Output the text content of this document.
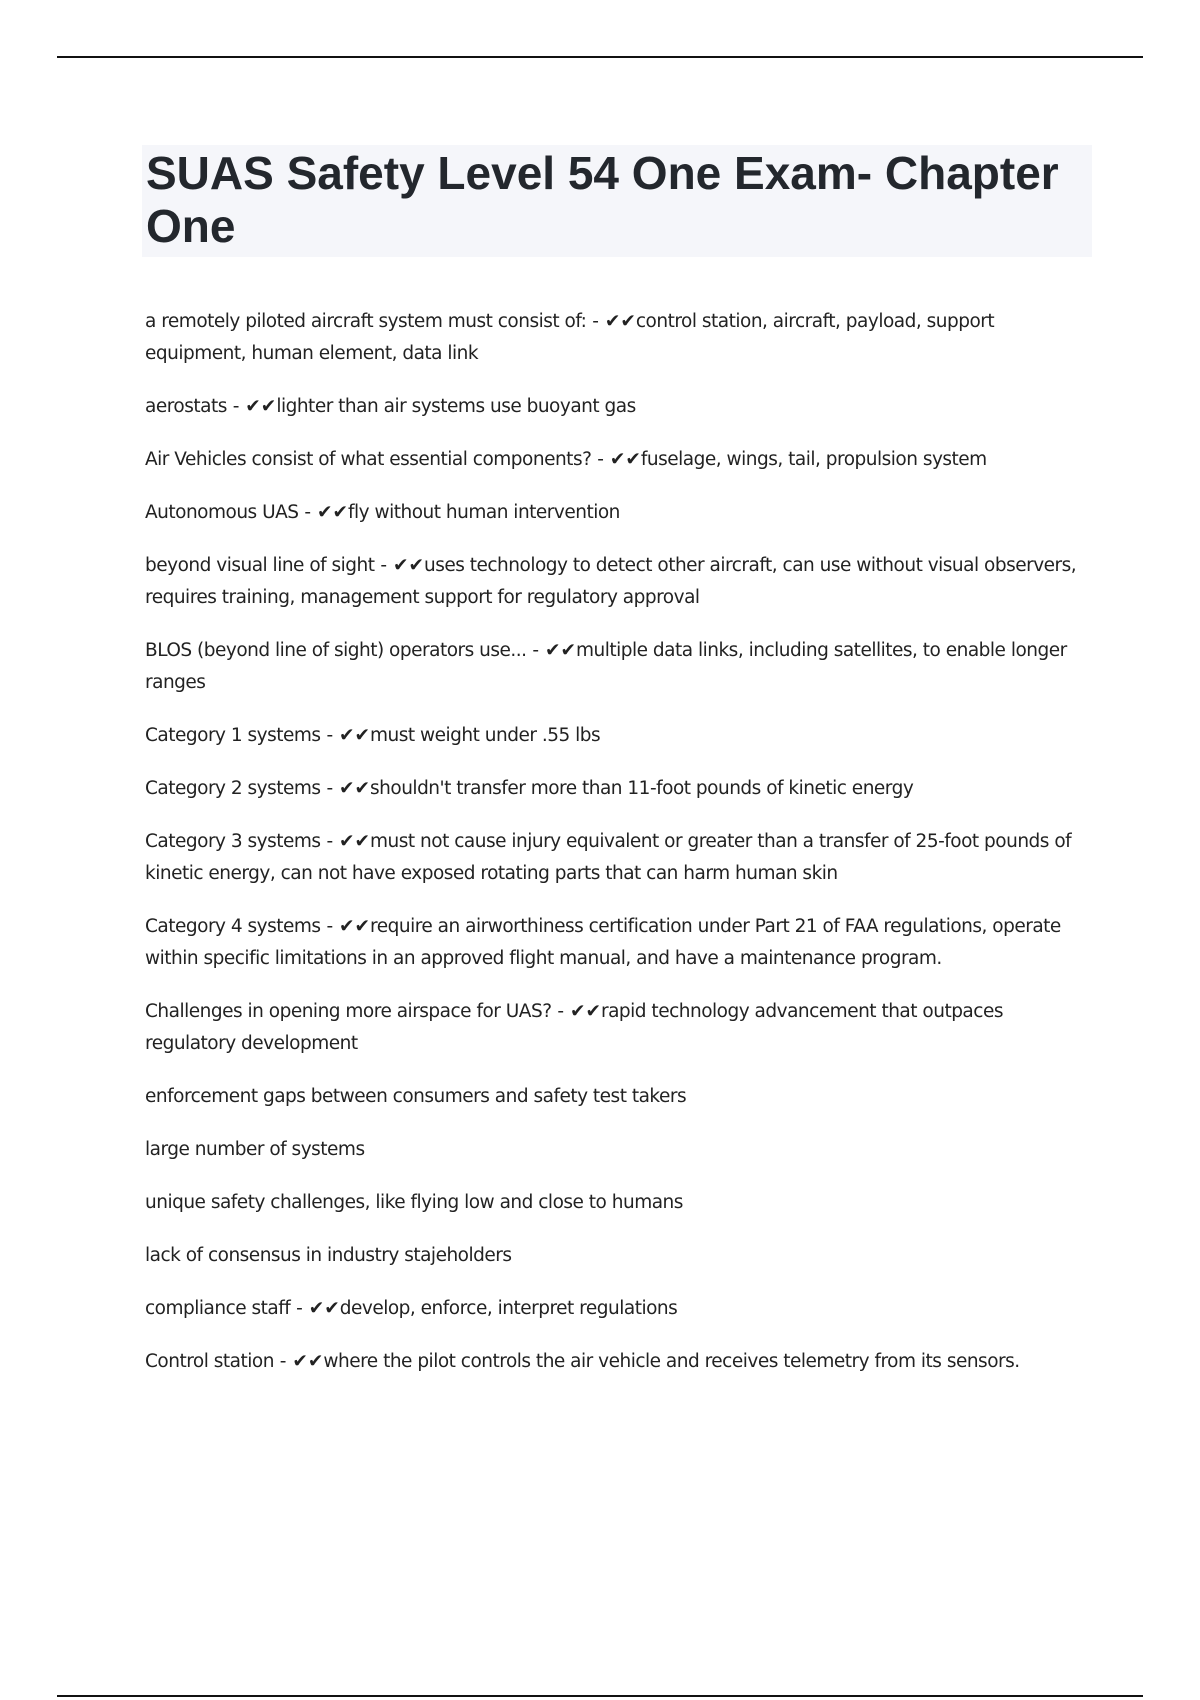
SUAS Safety Level 54 One Exam- Chapter One

a remotely piloted aircraft system must consist of: - ✔✔control station, aircraft, payload, support equipment, human element, data link

aerostats - ✔✔lighter than air systems use buoyant gas

Air Vehicles consist of what essential components? - ✔✔fuselage, wings, tail, propulsion system

Autonomous UAS - ✔✔fly without human intervention

beyond visual line of sight - ✔✔uses technology to detect other aircraft, can use without visual observers, requires training, management support for regulatory approval

BLOS (beyond line of sight) operators use... - ✔✔multiple data links, including satellites, to enable longer ranges

Category 1 systems - ✔✔must weight under .55 lbs

Category 2 systems - ✔✔shouldn't transfer more than 11-foot pounds of kinetic energy

Category 3 systems - ✔✔must not cause injury equivalent or greater than a transfer of 25-foot pounds of kinetic energy, can not have exposed rotating parts that can harm human skin

Category 4 systems - ✔✔require an airworthiness certification under Part 21 of FAA regulations, operate within specific limitations in an approved flight manual, and have a maintenance program.

Challenges in opening more airspace for UAS? - ✔✔rapid technology advancement that outpaces regulatory development

enforcement gaps between consumers and safety test takers

large number of systems

unique safety challenges, like flying low and close to humans

lack of consensus in industry stajeholders

compliance staff - ✔✔develop, enforce, interpret regulations

Control station - ✔✔where the pilot controls the air vehicle and receives telemetry from its sensors.
